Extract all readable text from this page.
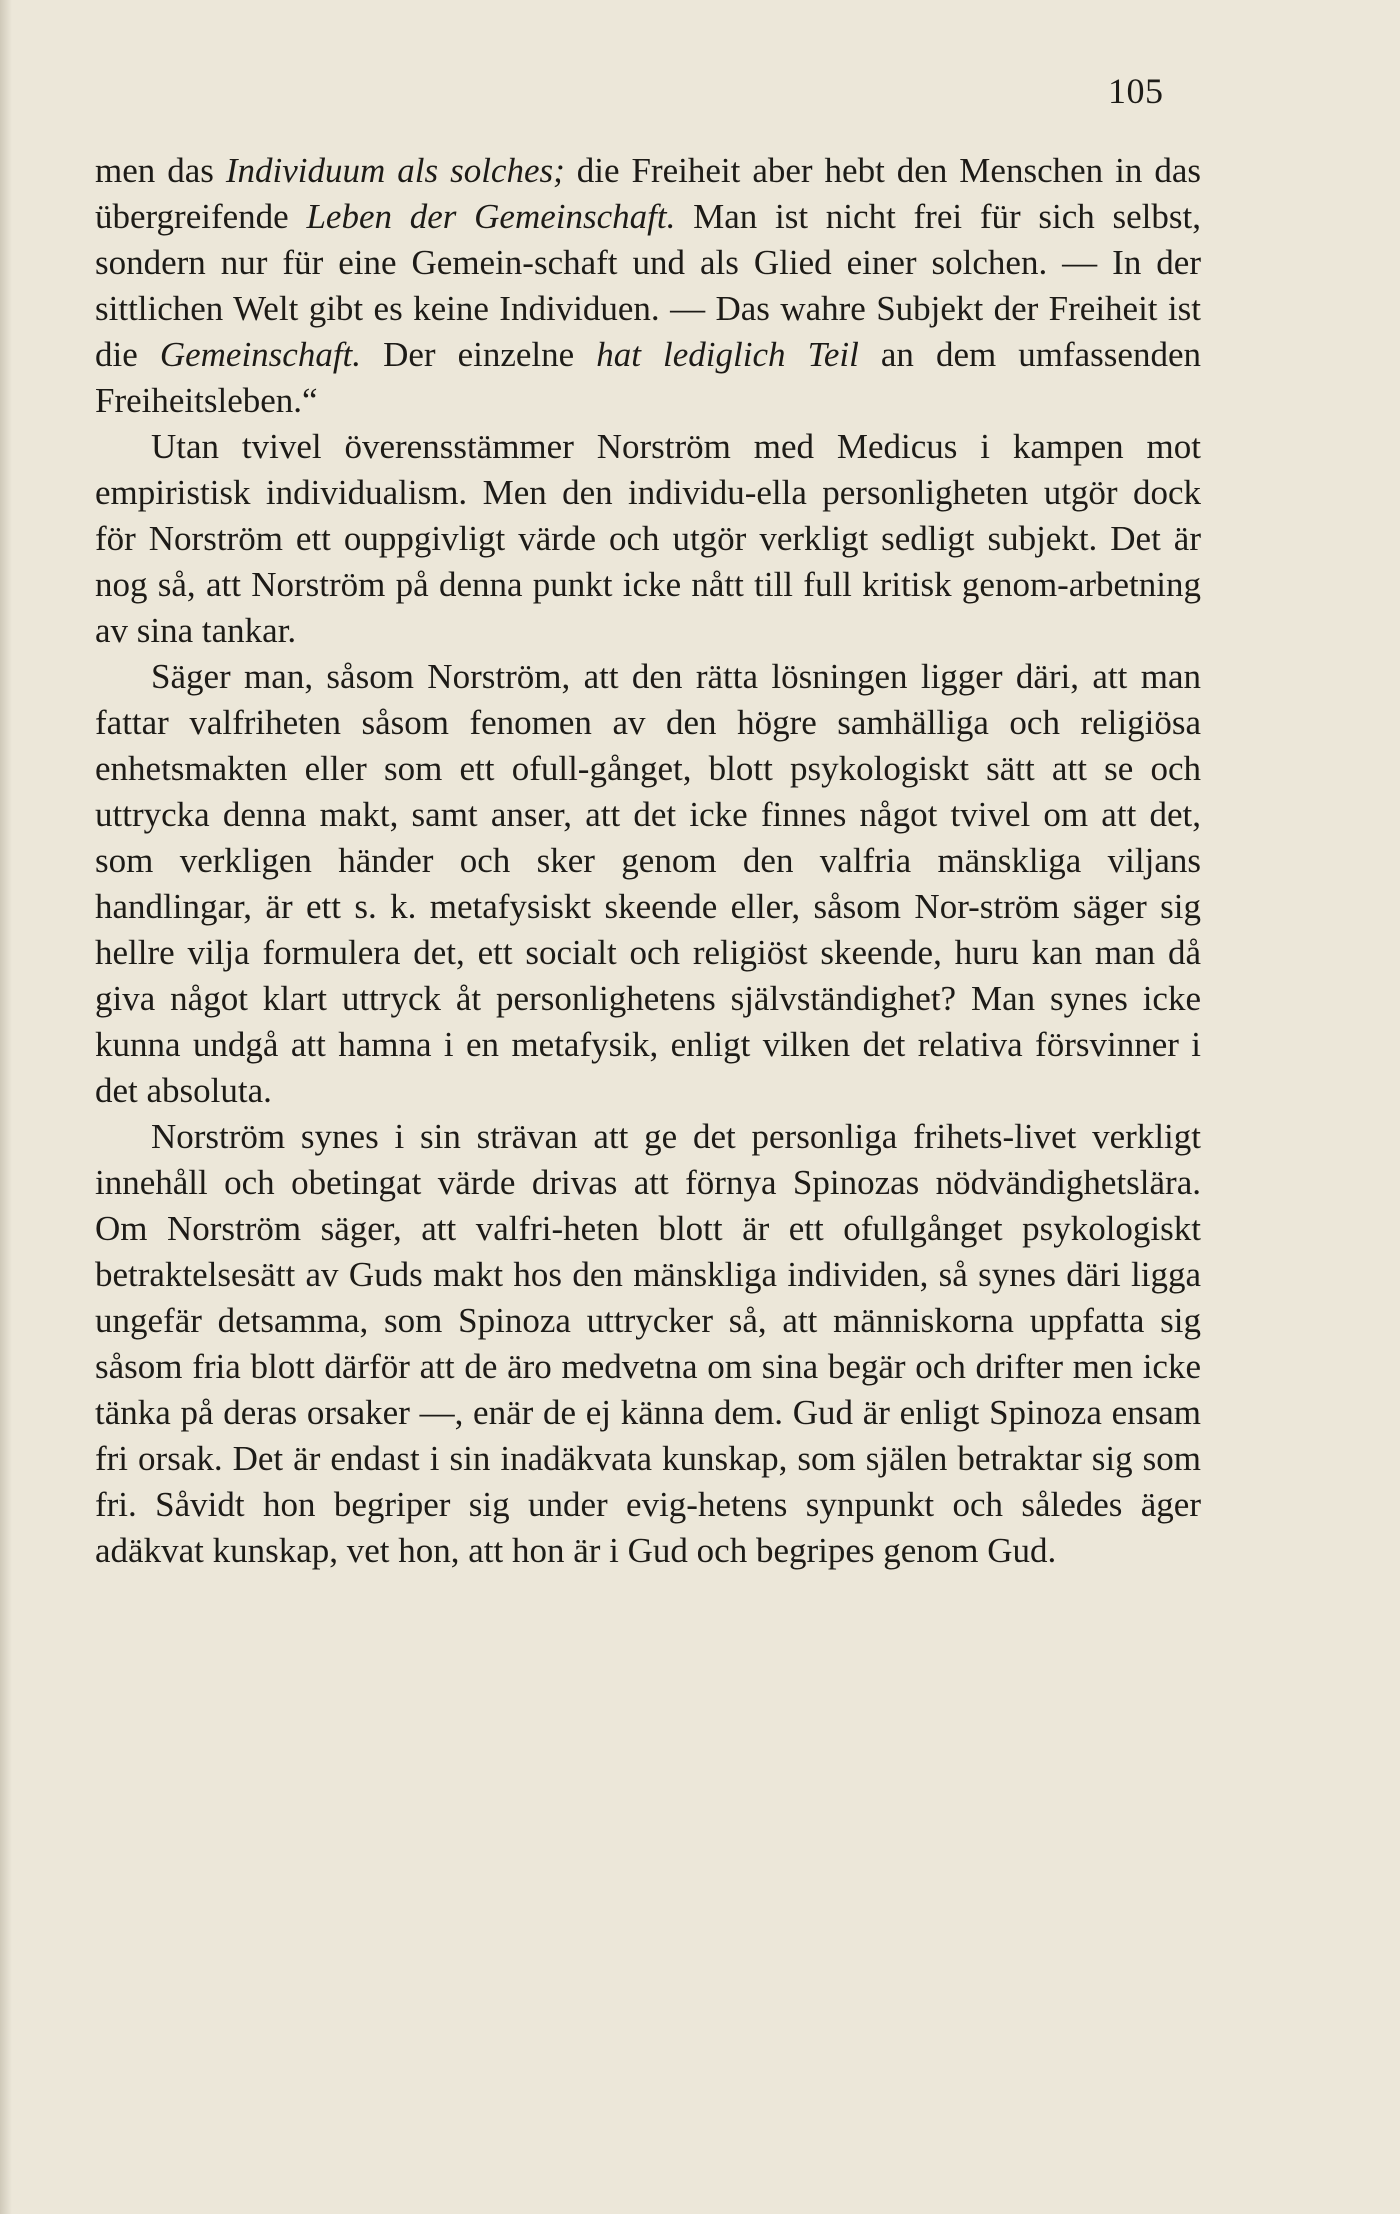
105

men das Individuum als solches; die Freiheit aber hebt den Menschen in das übergreifende Leben der Gemeinschaft. Man ist nicht frei für sich selbst, sondern nur für eine Gemein-schaft und als Glied einer solchen. — In der sittlichen Welt gibt es keine Individuen. — Das wahre Subjekt der Freiheit ist die Gemeinschaft. Der einzelne hat lediglich Teil an dem umfassenden Freiheitsleben.“

Utan tvivel överensstämmer Norström med Medicus i kampen mot empiristisk individualism. Men den individu-ella personligheten utgör dock för Norström ett ouppgivligt värde och utgör verkligt sedligt subjekt. Det är nog så, att Norström på denna punkt icke nått till full kritisk genom-arbetning av sina tankar.

Säger man, såsom Norström, att den rätta lösningen ligger däri, att man fattar valfriheten såsom fenomen av den högre samhälliga och religiösa enhetsmakten eller som ett ofull-gånget, blott psykologiskt sätt att se och uttrycka denna makt, samt anser, att det icke finnes något tvivel om att det, som verkligen händer och sker genom den valfria mänskliga viljans handlingar, är ett s. k. metafysiskt skeende eller, såsom Nor-ström säger sig hellre vilja formulera det, ett socialt och religiöst skeende, huru kan man då giva något klart uttryck åt personlighetens självständighet? Man synes icke kunna undgå att hamna i en metafysik, enligt vilken det relativa försvinner i det absoluta.

Norström synes i sin strävan att ge det personliga frihets-livet verkligt innehåll och obetingat värde drivas att förnya Spinozas nödvändighetslära. Om Norström säger, att valfri-heten blott är ett ofullgånget psykologiskt betraktelsesätt av Guds makt hos den mänskliga individen, så synes däri ligga ungefär detsamma, som Spinoza uttrycker så, att människorna uppfatta sig såsom fria blott därför att de äro medvetna om sina begär och drifter men icke tänka på deras orsaker —, enär de ej känna dem. Gud är enligt Spinoza ensam fri orsak. Det är endast i sin inadäkvata kunskap, som själen betraktar sig som fri. Såvidt hon begriper sig under evig-hetens synpunkt och således äger adäkvat kunskap, vet hon, att hon är i Gud och begripes genom Gud.
